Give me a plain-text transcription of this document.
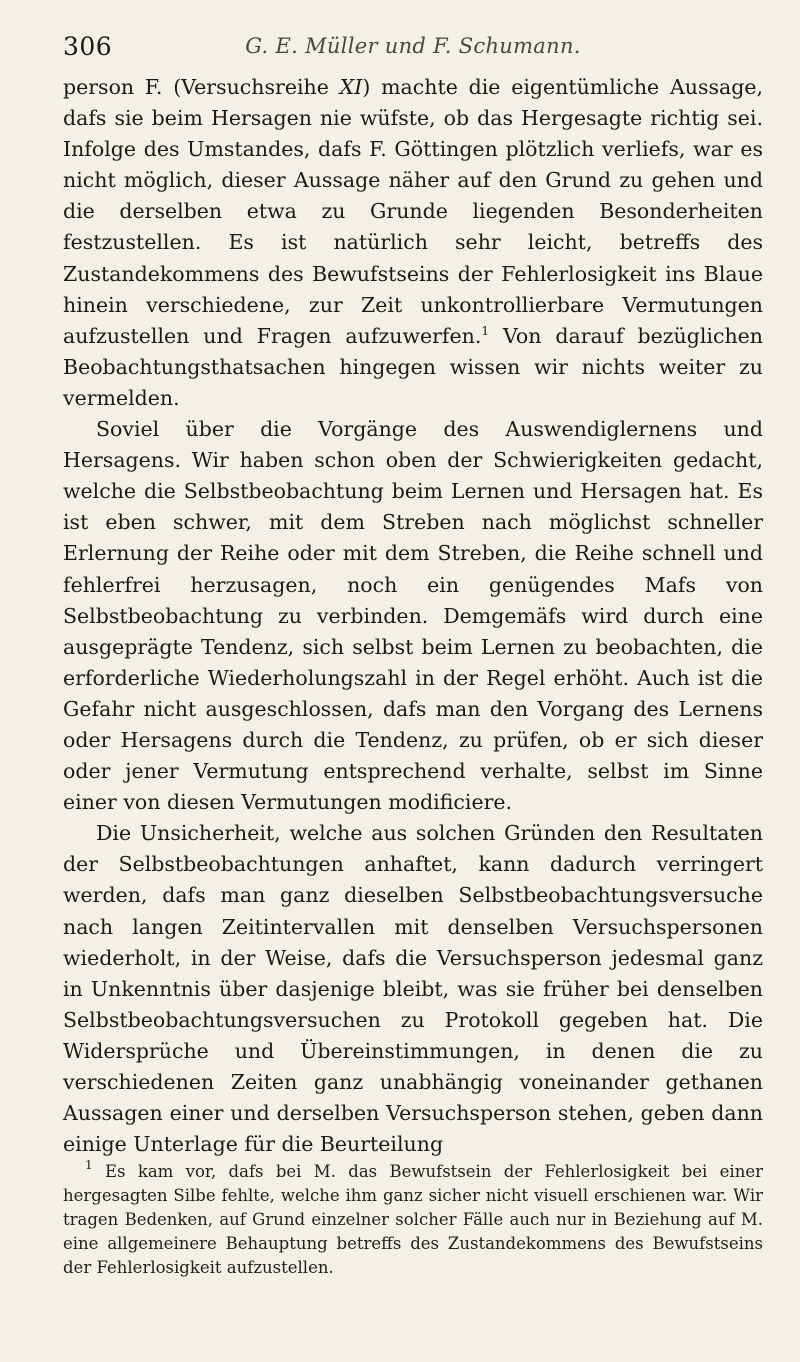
306	G. E. Müller und F. Schumann.

person F. (Versuchsreihe XI) machte die eigentümliche Aussage, dafs sie beim Hersagen nie wüfste, ob das Hergesagte richtig sei. Infolge des Umstandes, dafs F. Göttingen plötzlich verliefs, war es nicht möglich, dieser Aussage näher auf den Grund zu gehen und die derselben etwa zu Grunde liegenden Besonderheiten festzustellen. Es ist natürlich sehr leicht, betreffs des Zustandekommens des Bewufstseins der Fehlerlosigkeit ins Blaue hinein verschiedene, zur Zeit unkontrollierbare Vermutungen aufzustellen und Fragen aufzuwerfen.$^1$ Von darauf bezüglichen Beobachtungsthatsachen hingegen wissen wir nichts weiter zu vermelden.

Soviel über die Vorgänge des Auswendiglernens und Hersagens. Wir haben schon oben der Schwierigkeiten gedacht, welche die Selbstbeobachtung beim Lernen und Hersagen hat. Es ist eben schwer, mit dem Streben nach möglichst schneller Erlernung der Reihe oder mit dem Streben, die Reihe schnell und fehlerfrei herzusagen, noch ein genügendes Mafs von Selbstbeobachtung zu verbinden. Demgemäfs wird durch eine ausgeprägte Tendenz, sich selbst beim Lernen zu beobachten, die erforderliche Wiederholungszahl in der Regel erhöht. Auch ist die Gefahr nicht ausgeschlossen, dafs man den Vorgang des Lernens oder Hersagens durch die Tendenz, zu prüfen, ob er sich dieser oder jener Vermutung entsprechend verhalte, selbst im Sinne einer von diesen Vermutungen modificiere.

Die Unsicherheit, welche aus solchen Gründen den Resultaten der Selbstbeobachtungen anhaftet, kann dadurch verringert werden, dafs man ganz dieselben Selbstbeobachtungsversuche nach langen Zeitintervallen mit denselben Versuchspersonen wiederholt, in der Weise, dafs die Versuchsperson jedesmal ganz in Unkenntnis über dasjenige bleibt, was sie früher bei denselben Selbstbeobachtungsversuchen zu Protokoll gegeben hat. Die Widersprüche und Übereinstimmungen, in denen die zu verschiedenen Zeiten ganz unabhängig voneinander gethanen Aussagen einer und derselben Versuchsperson stehen, geben dann einige Unterlage für die Beurteilung

$^1$ Es kam vor, dafs bei M. das Bewufstsein der Fehlerlosigkeit bei einer hergesagten Silbe fehlte, welche ihm ganz sicher nicht visuell erschienen war. Wir tragen Bedenken, auf Grund einzelner solcher Fälle auch nur in Beziehung auf M. eine allgemeinere Behauptung betreffs des Zustandekommens des Bewufstseins der Fehlerlosigkeit aufzustellen.
